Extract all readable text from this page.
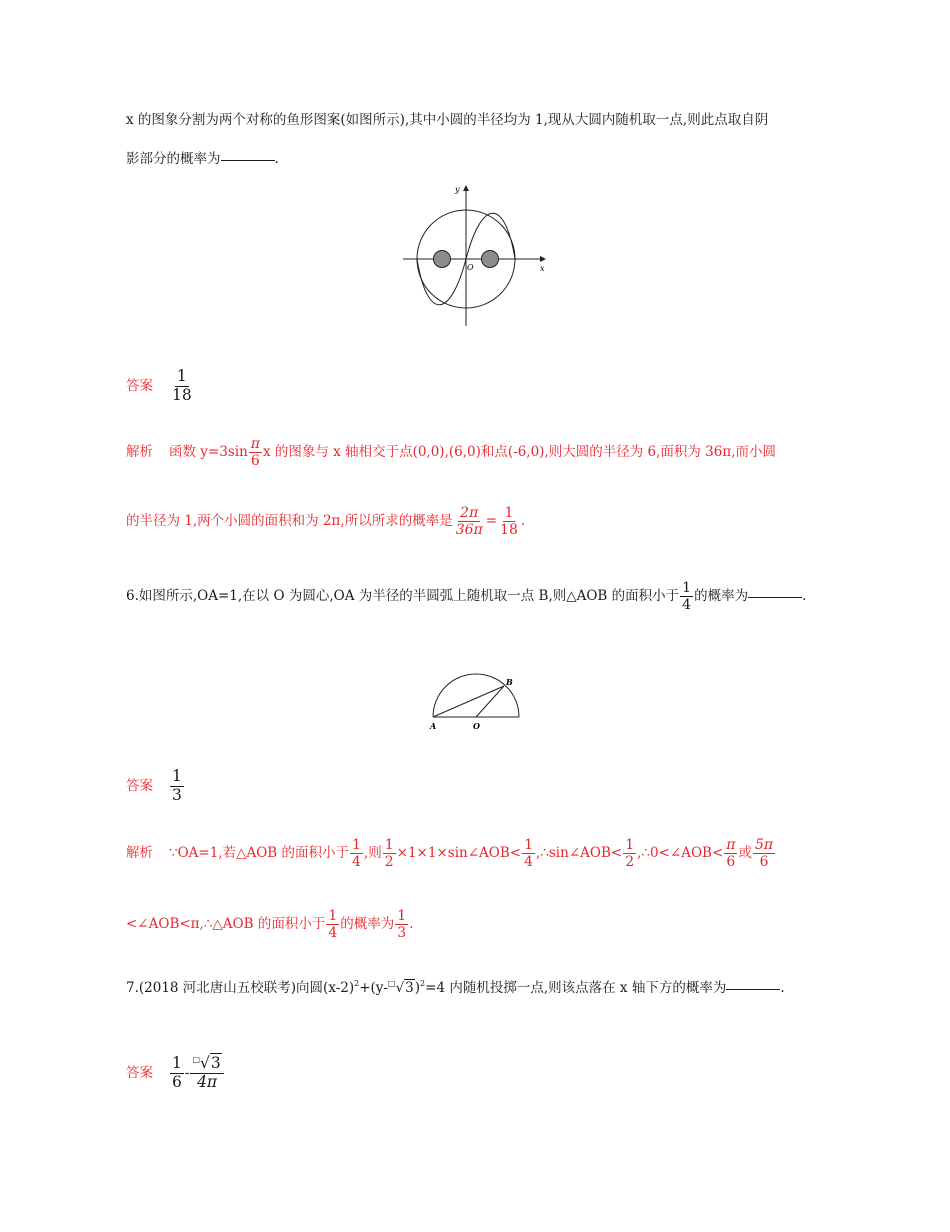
x 的图象分割为两个对称的鱼形图案(如图所示),其中小圆的半径均为 1,现从大圆内随机取一点,则此点取自阴
影部分的概率为	.
y
x
O
答案 $\frac{1}{18}$
解析 函数 $y=3\sin \frac{\pi}{6}$ x 的图象与 x 轴相交于点(0,0),(6,0)和点(-6,0),则大圆的半径为 6,面积为 36π,而小圆
的半径为 1,两个小圆的面积和为 2π,所以所求的概率是 $\frac{2\pi}{36\pi} = \frac{1}{18}$ .
6.如图所示,OA=1,在以 O 为圆心,OA 为半径的半圆弧上随机取一点 B,则△AOB 的面积小于 $\frac{1}{4}$ 的概率为	.
A	O
B
答案 $\frac{1}{3}$
解析 ∵OA=1,若△AOB 的面积小于 $\frac{1}{4}$ ,则 $\frac{1}{2}$ ×1×1×sin∠AOB< $\frac{1}{4}$ ,∴sin∠AOB< $\frac{1}{2}$ ,∴0<∠AOB< $\frac{\pi}{6}$ 或 $\frac{5\pi}{6}$
<∠AOB<π,∴△AOB 的面积小于 $\frac{1}{4}$ 的概率为 $\frac{1}{3}$ .
7.(2018 河北唐山五校联考)向圆$(x-2)^2+(y-^□√3)^2=4$ 内随机投掷一点,则该点落在 x 轴下方的概率为	.
答案 $\frac{1}{6} - \frac{^□√3}{4\pi}$
